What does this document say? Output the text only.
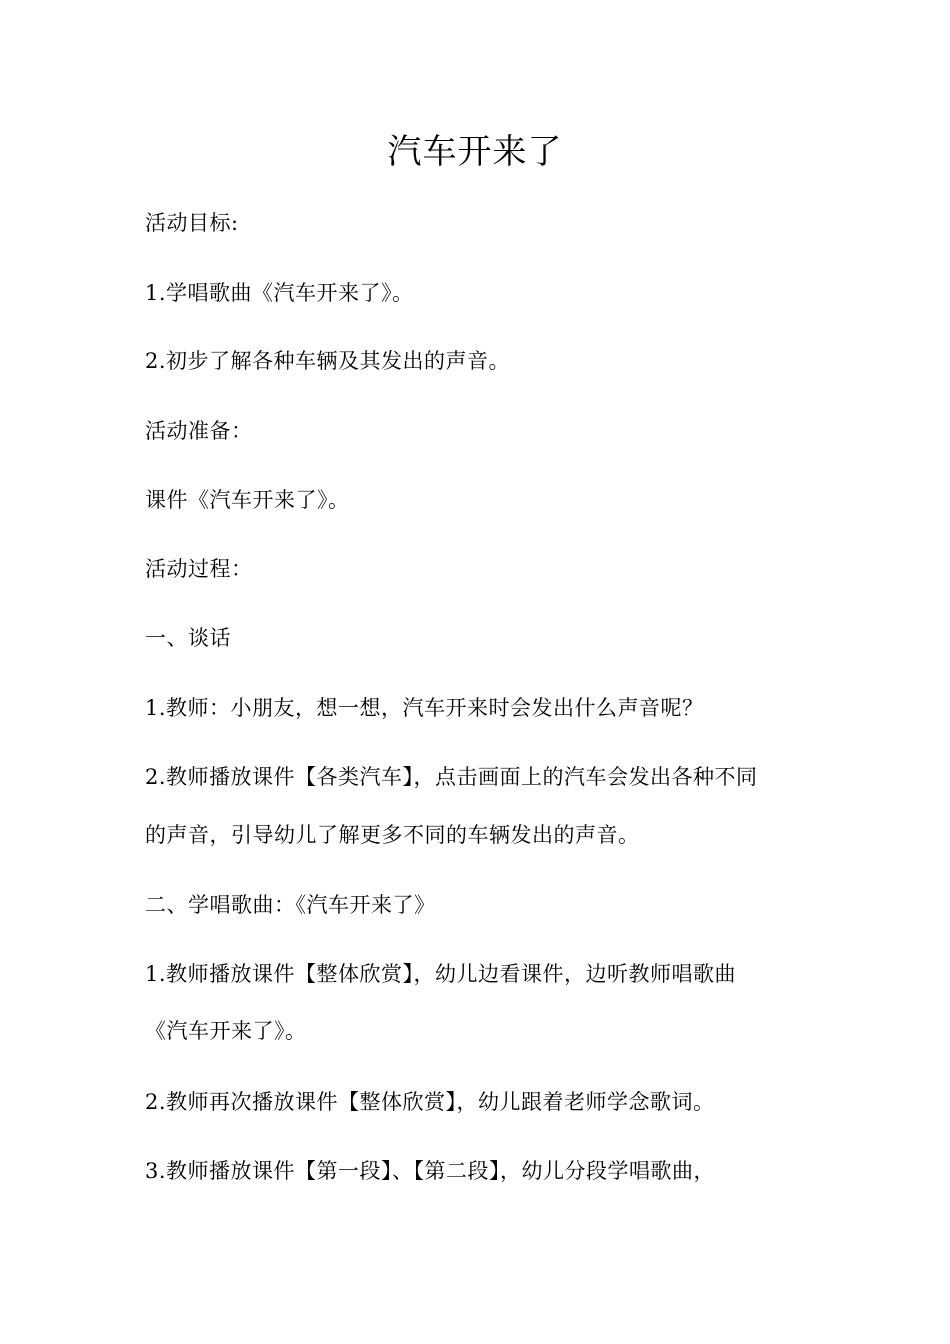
汽车开来了
活动目标:
1.学唱歌曲《汽车开来了》。
2.初步了解各种车辆及其发出的声音。
活动准备：
课件《汽车开来了》。
活动过程：
一、谈话
1.教师：小朋友，想一想，汽车开来时会发出什么声音呢？
2.教师播放课件【各类汽车】，点击画面上的汽车会发出各种不同
的声音，引导幼儿了解更多不同的车辆发出的声音。
二、学唱歌曲：《汽车开来了》
1.教师播放课件【整体欣赏】，幼儿边看课件，边听教师唱歌曲
《汽车开来了》。
2.教师再次播放课件【整体欣赏】，幼儿跟着老师学念歌词。
3.教师播放课件【第一段】、【第二段】，幼儿分段学唱歌曲，
